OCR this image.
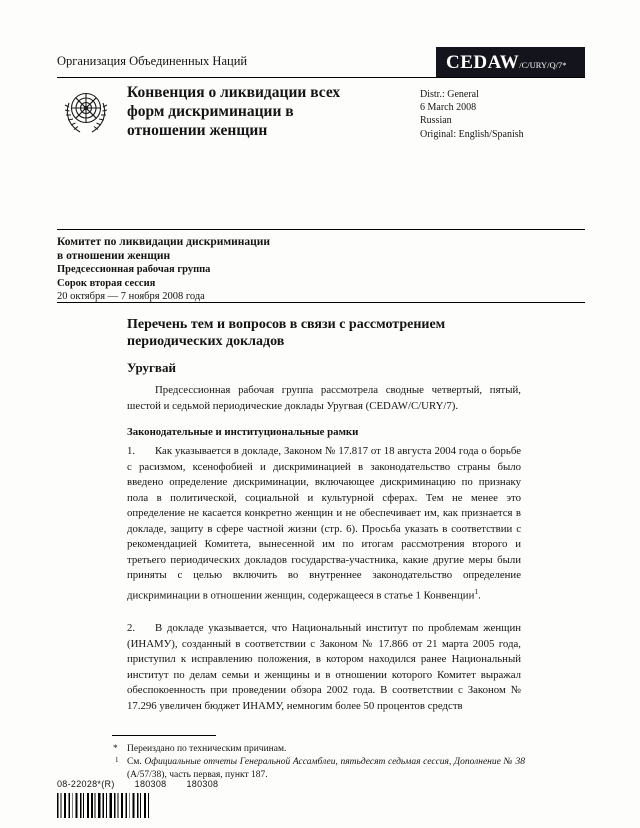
Организация Объединенных Наций	CEDAW /C/URY/Q/7*
Конвенция о ликвидации всех форм дискриминации в отношении женщин
Distr.: General
6 March 2008
Russian
Original: English/Spanish
Комитет по ликвидации дискриминации
в отношении женщин
Предсессионная рабочая группа
Сорок вторая сессия
20 октября — 7 ноября 2008 года
Перечень тем и вопросов в связи с рассмотрением периодических докладов
Уругвай

Предсессионная рабочая группа рассмотрела сводные четвертый, пятый, шестой и седьмой периодические доклады Уругвая (CEDAW/C/URY/7).

Законодательные и институциональные рамки

1. Как указывается в докладе, Законом № 17.817 от 18 августа 2004 года о борьбе с расизмом, ксенофобией и дискриминацией в законодательство страны было введено определение дискриминации, включающее дискриминацию по признаку пола в политической, социальной и культурной сферах. Тем не менее это определение не касается конкретно женщин и не обеспечивает им, как признается в докладе, защиту в сфере частной жизни (стр. 6). Просьба указать в соответствии с рекомендацией Комитета, вынесенной им по итогам рассмотрения второго и третьего периодических докладов государства-участника, какие другие меры были приняты с целью включить во внутреннее законодательство определение дискриминации в отношении женщин, содержащееся в статье 1 Конвенции$^1$.

2. В докладе указывается, что Национальный институт по проблемам женщин (ИНАМУ), созданный в соответствии с Законом № 17.866 от 21 марта 2005 года, приступил к исправлению положения, в котором находился ранее Национальный институт по делам семьи и женщины и в отношении которого Комитет выражал обеспокоенность при проведении обзора 2002 года. В соответствии с Законом № 17.296 увеличен бюджет ИНАМУ, немногим более 50 процентов средств

* Переиздано по техническим причинам.
1 См. Официальные отчеты Генеральной Ассамблеи, пятьдесят седьмая сессия, Дополнение № 38 (A/57/38), часть первая, пункт 187.
08-22028*(R) 180308 180308
